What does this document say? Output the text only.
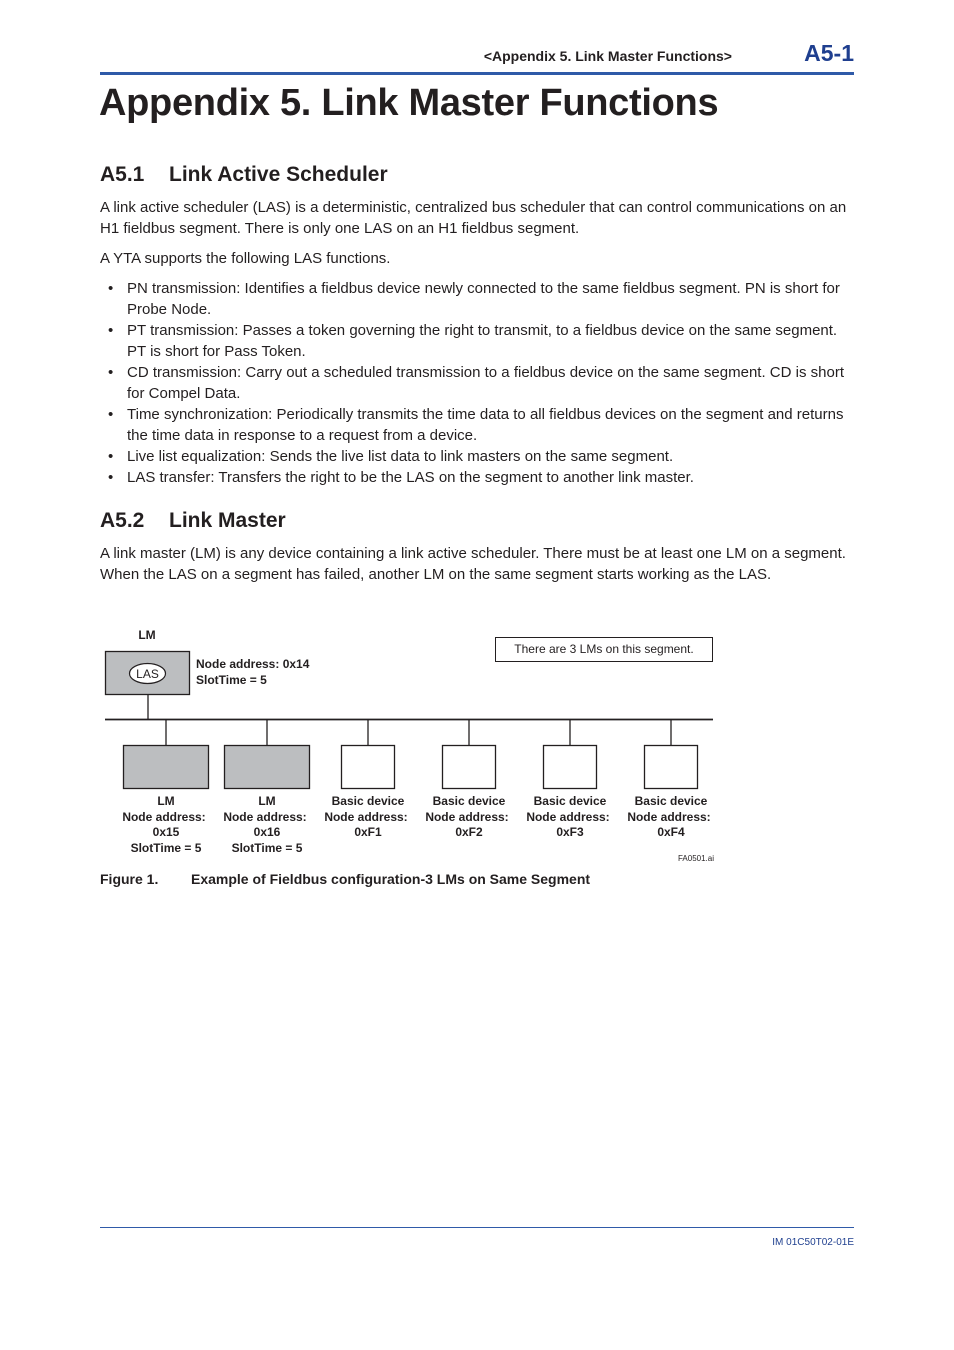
<Appendix 5. Link Master Functions>	A5-1
Appendix 5. Link Master Functions
A5.1 Link Active Scheduler

A link active scheduler (LAS) is a deterministic, centralized bus scheduler that can control communications on an H1 fieldbus segment. There is only one LAS on an H1 fieldbus segment.

A YTA supports the following LAS functions.

• PN transmission: Identifies a fieldbus device newly connected to the same fieldbus segment. PN is short for Probe Node.
• PT transmission: Passes a token governing the right to transmit, to a fieldbus device on the same segment. PT is short for Pass Token.
• CD transmission: Carry out a scheduled transmission to a fieldbus device on the same segment. CD is short for Compel Data.
• Time synchronization: Periodically transmits the time data to all fieldbus devices on the segment and returns the time data in response to a request from a device.
• Live list equalization: Sends the live list data to link masters on the same segment.
• LAS transfer: Transfers the right to be the LAS on the segment to another link master.
A5.2 Link Master

A link master (LM) is any device containing a link active scheduler. There must be at least one LM on a segment. When the LAS on a segment has failed, another LM on the same segment starts working as the LAS.

LM
LAS
Node address: 0x14
SlotTime = 5
There are 3 LMs on this segment.
LM
Node address:
0x15
SlotTime = 5
LM
Node address:
0x16
SlotTime = 5
Basic device
Node address:
0xF1
Basic device
Node address:
0xF2
Basic device
Node address:
0xF3
Basic device
Node address:
0xF4
FA0501.ai
Figure 1. Example of Fieldbus configuration-3 LMs on Same Segment
IM 01C50T02-01E
